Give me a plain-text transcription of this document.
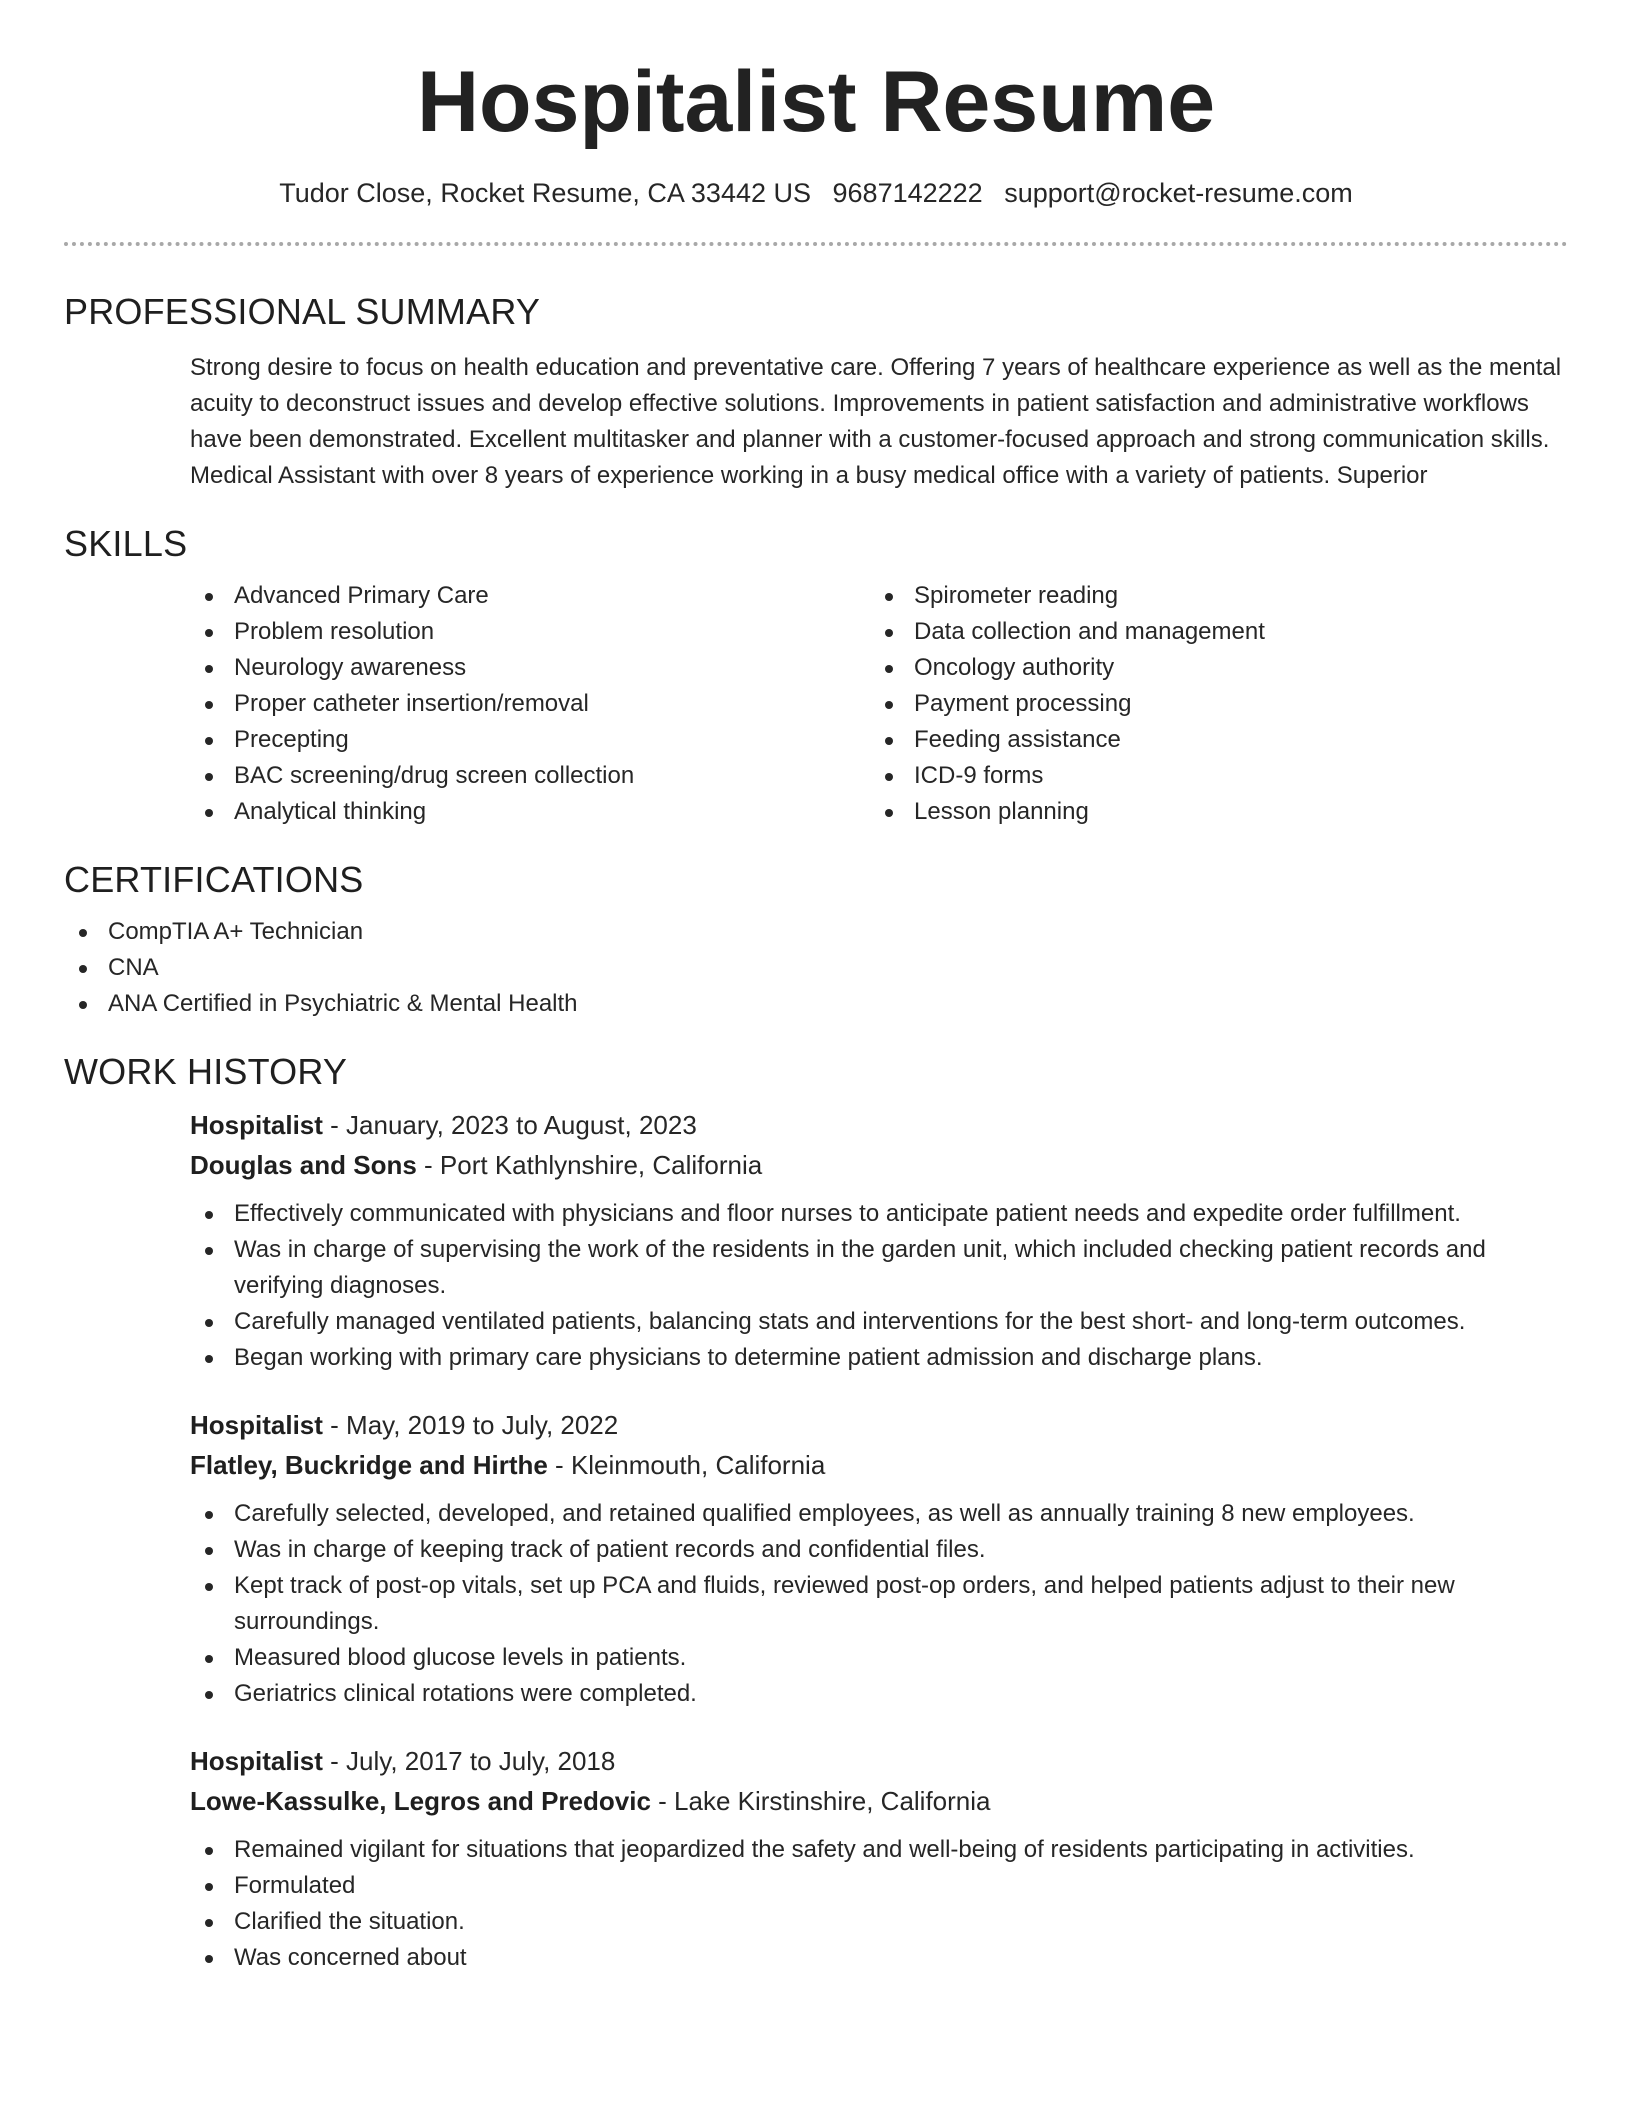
Hospitalist Resume
Tudor Close, Rocket Resume, CA 33442 US 9687142222 support@rocket-resume.com
PROFESSIONAL SUMMARY

Strong desire to focus on health education and preventative care. Offering 7 years of healthcare experience as well as the mental acuity to deconstruct issues and develop effective solutions. Improvements in patient satisfaction and administrative workflows have been demonstrated. Excellent multitasker and planner with a customer-focused approach and strong communication skills. Medical Assistant with over 8 years of experience working in a busy medical office with a variety of patients. Superior

SKILLS
Advanced Primary Care
Problem resolution
Neurology awareness
Proper catheter insertion/removal
Precepting
BAC screening/drug screen collection
Analytical thinking
Spirometer reading
Data collection and management
Oncology authority
Payment processing
Feeding assistance
ICD-9 forms
Lesson planning
CERTIFICATIONS
CompTIA A+ Technician
CNA
ANA Certified in Psychiatric & Mental Health
WORK HISTORY
Hospitalist - January, 2023 to August, 2023
Douglas and Sons - Port Kathlynshire, California
Effectively communicated with physicians and floor nurses to anticipate patient needs and expedite order fulfillment.
Was in charge of supervising the work of the residents in the garden unit, which included checking patient records and verifying diagnoses.
Carefully managed ventilated patients, balancing stats and interventions for the best short- and long-term outcomes.
Began working with primary care physicians to determine patient admission and discharge plans.
Hospitalist - May, 2019 to July, 2022
Flatley, Buckridge and Hirthe - Kleinmouth, California
Carefully selected, developed, and retained qualified employees, as well as annually training 8 new employees.
Was in charge of keeping track of patient records and confidential files.
Kept track of post-op vitals, set up PCA and fluids, reviewed post-op orders, and helped patients adjust to their new surroundings.
Measured blood glucose levels in patients.
Geriatrics clinical rotations were completed.
Hospitalist - July, 2017 to July, 2018
Lowe-Kassulke, Legros and Predovic - Lake Kirstinshire, California
Remained vigilant for situations that jeopardized the safety and well-being of residents participating in activities.
Formulated
Clarified the situation.
Was concerned about
